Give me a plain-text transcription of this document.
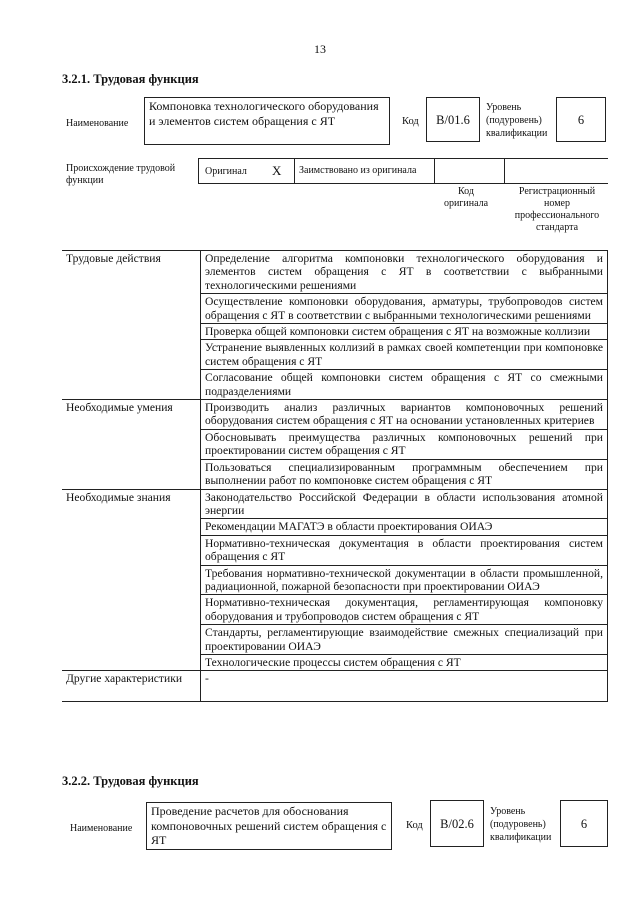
13
3.2.1. Трудовая функция
Наименование
Компоновка технологического оборудования и элементов систем обращения с ЯТ	Код	B/01.6
Уровень (подуровень) квалификации
6
Происхождение трудовой функции
Оригинал X Заимствовано из оригинала
Код оригинала
Регистрационный номер профессионального стандарта
Трудовые действия	Определение алгоритма компоновки технологического оборудования и элементов систем обращения с ЯТ в соответствии с выбранными технологическими решениями
	Осуществление компоновки оборудования, арматуры, трубопроводов систем обращения с ЯТ в соответствии с выбранными технологическими решениями
	Проверка общей компоновки систем обращения с ЯТ на возможные коллизии
	Устранение выявленных коллизий в рамках своей компетенции при компоновке систем обращения с ЯТ
	Согласование общей компоновки систем обращения с ЯТ со смежными подразделениями
Необходимые умения	Производить анализ различных вариантов компоновочных решений оборудования систем обращения с ЯТ на основании установленных критериев
	Обосновывать преимущества различных компоновочных решений при проектировании систем обращения с ЯТ
	Пользоваться специализированным программным обеспечением при выполнении работ по компоновке систем обращения с ЯТ
Необходимые знания	Законодательство Российской Федерации в области использования атомной энергии
	Рекомендации МАГАТЭ в области проектирования ОИАЭ
	Нормативно-техническая документация в области проектирования систем обращения с ЯТ
	Требования нормативно-технической документации в области промышленной, радиационной, пожарной безопасности при проектировании ОИАЭ
	Нормативно-техническая документация, регламентирующая компоновку оборудования и трубопроводов систем обращения с ЯТ
	Стандарты, регламентирующие взаимодействие смежных специализаций при проектировании ОИАЭ
	Технологические процессы систем обращения с ЯТ
Другие характеристики	-
3.2.2. Трудовая функция
Наименование
Проведение расчетов для обоснования компоновочных решений систем обращения с ЯТ
Код	B/02.6
Уровень (подуровень) квалификации
6
